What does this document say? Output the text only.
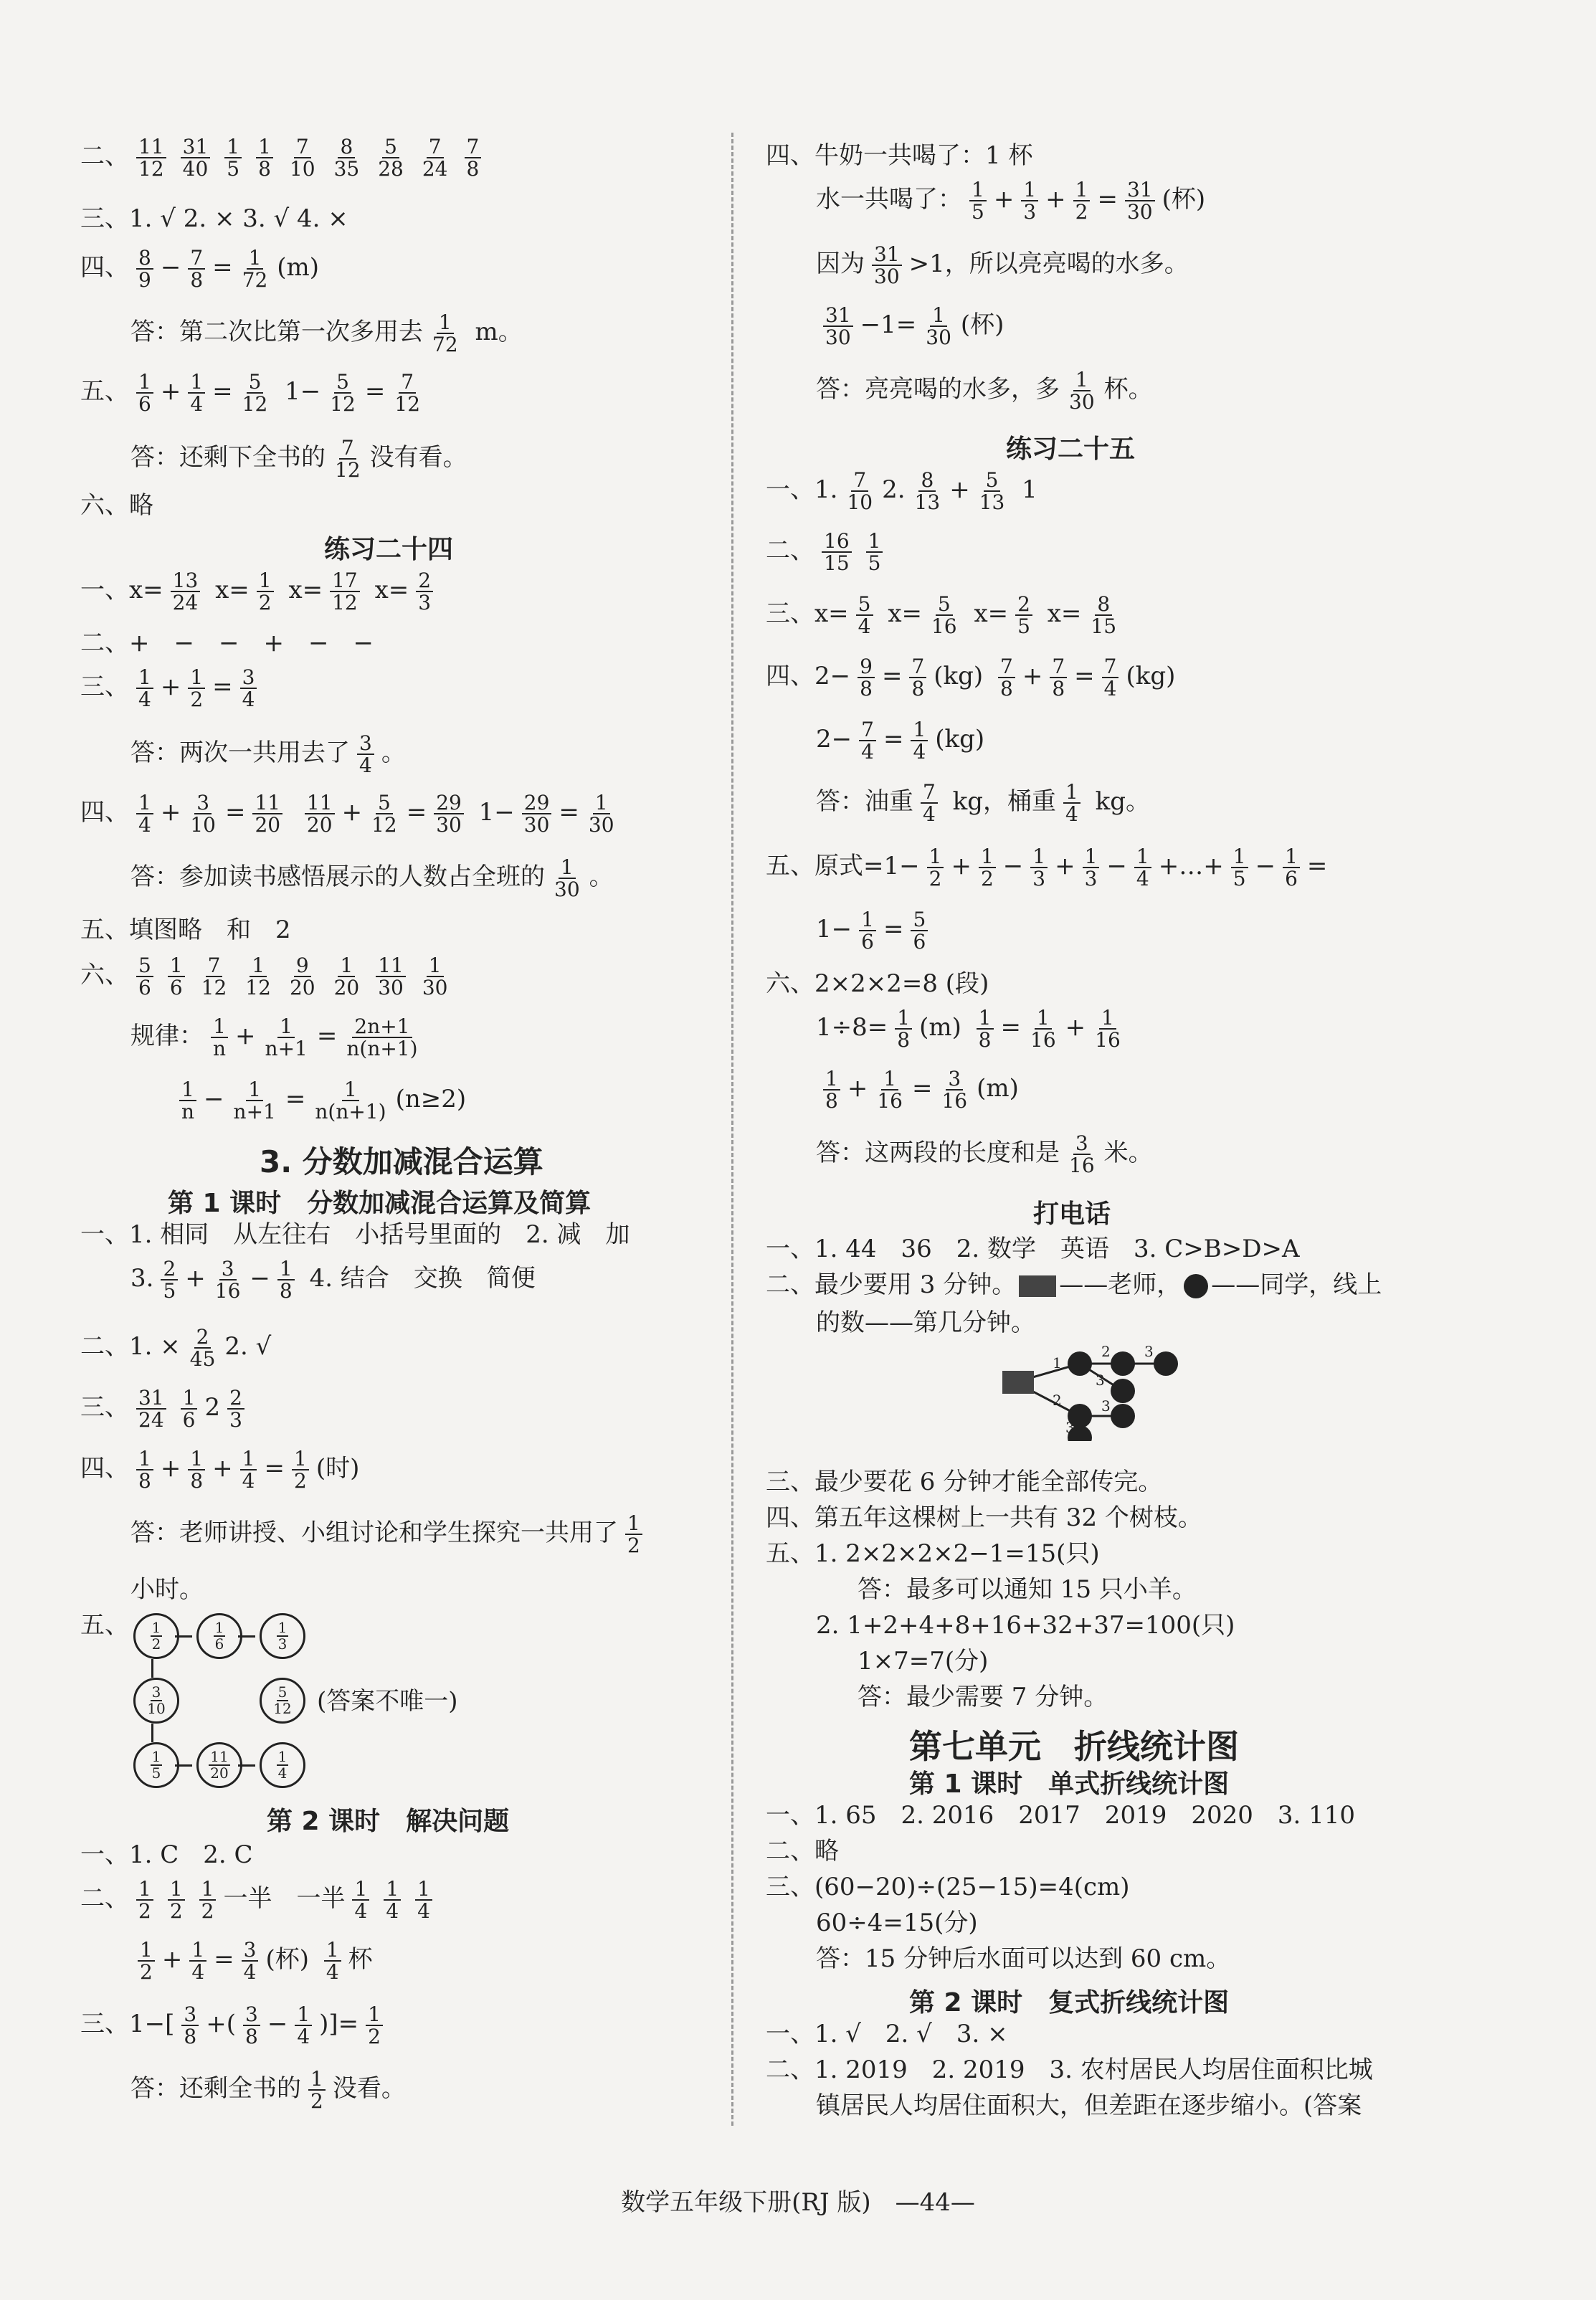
二、 $\frac{11}{12} \frac{31}{40} \frac{1}{5} \frac{1}{8} \frac{7}{10} \frac{8}{35} \frac{5}{28} \frac{7}{24} \frac{7}{8}$
三、1. √ 2. × 3. √ 4. ×
四、 $\frac{8}{9} - \frac{7}{8} = \frac{1}{72} (m)$
答：第二次比第一次多用去 $\frac{1}{72}$ m。
五、 $\frac{1}{6} + \frac{1}{4} = \frac{5}{12} 1- \frac{5}{12} = \frac{7}{12}$
答：还剩下全书的 $\frac{7}{12}$ 没有看。
六、略
练习二十四
一、$x= \frac{13}{24} x= \frac{1}{2} x= \frac{17}{12} x= \frac{2}{3}$
二、+　−　−　+　−　−
三、 $\frac{1}{4} + \frac{1}{2} = \frac{3}{4}$
答：两次一共用去了 $\frac{3}{4}$ 。
四、 $\frac{1}{4} + \frac{3}{10} = \frac{11}{20}$
$\frac{11}{20} + \frac{5}{12} = \frac{29}{30} 1- \frac{29}{30} = \frac{1}{30}$
答：参加读书感悟展示的人数占全班的 $\frac{1}{30}$ 。
五、填图略　和　2
六、 $\frac{5}{6} \frac{1}{6} \frac{7}{12} \frac{1}{12} \frac{9}{20} \frac{1}{20} \frac{11}{30} \frac{1}{30}$
规律： $\frac{1}{n} + \frac{1}{n+1} = \frac{2n+1}{n(n+1)}$
$\frac{1}{n} - \frac{1}{n+1} = \frac{1}{n(n+1)} (n\ge 2)$
3. 分数加减混合运算
第 1 课时　分数加减混合运算及简算
一、1. 相同　从左往右　小括号里面的　2. 减　加
3. $\frac{2}{5} + \frac{3}{16} - \frac{1}{8} 4$. 结合　交换　简便
二、1. × $\frac{2}{45} 2$. √
三、 $\frac{31}{24} \frac{1}{6} 2 \frac{2}{3}$
四、 $\frac{1}{8} + \frac{1}{8} + \frac{1}{4} = \frac{1}{2}$ (时)
答：老师讲授、小组讨论和学生探究一共用了 $\frac{1}{2}$
小时。
五、 $\frac{1}{2} \frac{1}{6} \frac{1}{3}$
$\frac{3}{10}$	$\frac{5}{12}$
$\frac{1}{5} \frac{11}{20} \frac{1}{4}$
(答案不唯一)
第 2 课时　解决问题
一、1. C　2. C
二、 $\frac{1}{2} \frac{1}{2} \frac{1}{2}$ 一半　一半 $\frac{1}{4} \frac{1}{4} \frac{1}{4}$
$\frac{1}{2} + \frac{1}{4} = \frac{3}{4}$ (杯) $\frac{1}{4}$ 杯
三、$1-[ \frac{3}{8}$ +( $\frac{3}{8} - \frac{1}{4}$ )]= $\frac{1}{2}$
答：还剩全书的 $\frac{1}{2}$ 没看。
四、牛奶一共喝了：1 杯
水一共喝了： $\frac{1}{5} + \frac{1}{3} + \frac{1}{2} = \frac{31}{30}$ (杯)
因为 $\frac{31}{30} >1$，所以亮亮喝的水多。
$\frac{31}{30} -1= \frac{1}{30}$ (杯)
答：亮亮喝的水多，多 $\frac{1}{30}$ 杯。
练习二十五
一、1. $\frac{7}{10} 2$. $\frac{8}{13} + \frac{5}{13} 1$
二、 $\frac{16}{15} \frac{1}{5}$
三、$x= \frac{5}{4} x= \frac{5}{16} x= \frac{2}{5} x= \frac{8}{15}$
四、$2- \frac{9}{8} = \frac{7}{8} (kg) \frac{7}{8} + \frac{7}{8} = \frac{7}{4} (kg)$
$2- \frac{7}{4} = \frac{1}{4} (kg)$
答：油重 $\frac{7}{4}$ kg，桶重 $\frac{1}{4}$ kg。
五、原式$=1- \frac{1}{2} + \frac{1}{2} - \frac{1}{3} + \frac{1}{3} - \frac{1}{4}$ +…+ $\frac{1}{5} - \frac{1}{6}$ =
$1- \frac{1}{6} = \frac{5}{6}$
六、2×2×2=8 (段)
$1\div 8= \frac{1}{8} (m) \frac{1}{8} = \frac{1}{16} + \frac{1}{16}$
$\frac{1}{8} + \frac{1}{16} = \frac{3}{16} (m)$
答：这两段的长度和是 $\frac{3}{16}$ 米。
打电话
一、1. 44　36　2. 数学　英语　3. C>B>D>A
二、最少要用 3 分钟。 ——老师， ——同学，线上
的数——第几分钟。
1
2 3
3
2	3
3
三、最少要花 6 分钟才能全部传完。
四、第五年这棵树上一共有 32 个树枝。
五、1. 2×2×2×2−1=15(只)
答：最多可以通知 15 只小羊。
2. 1+2+4+8+16+32+37=100(只)
1×7=7(分)
答：最少需要 7 分钟。
第七单元　折线统计图
第 1 课时　单式折线统计图
一、1. 65　2. 2016　2017　2019　2020　3. 110
二、略
三、(60−20)÷(25−15)=4(cm)
60÷4=15(分)
答：15 分钟后水面可以达到 60 cm。
第 2 课时　复式折线统计图
一、1. √　2. √　3. ×
二、1. 2019　2. 2019　3. 农村居民人均居住面积比城
镇居民人均居住面积大，但差距在逐步缩小。(答案
数学五年级下册(RJ 版)　—44—
